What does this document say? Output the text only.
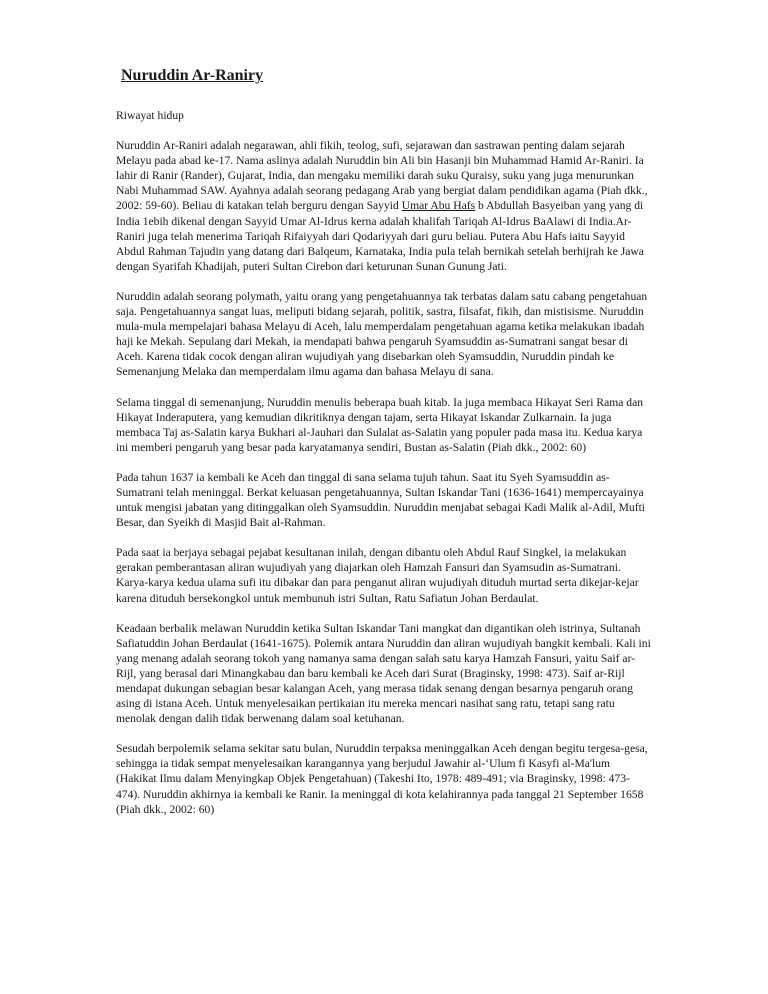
Nuruddin Ar-Raniry
Riwayat hidup
Nuruddin Ar-Raniri adalah negarawan, ahli fikih, teolog, sufi, sejarawan dan sastrawan penting dalam sejarah Melayu pada abad ke-17. Nama aslinya adalah Nuruddin bin Ali bin Hasanji bin Muhammad Hamid Ar-Raniri. Ia lahir di Ranir (Rander), Gujarat, India, dan mengaku memiliki darah suku Quraisy, suku yang juga menurunkan Nabi Muhammad SAW. Ayahnya adalah seorang pedagang Arab yang bergiat dalam pendidikan agama (Piah dkk., 2002: 59-60). Beliau di katakan telah berguru dengan Sayyid Umar Abu Hafs b Abdullah Basyeiban yang yang di India 1ebih dikenal dengan Sayyid Umar Al-Idrus kerna adalah khalifah Tariqah Al-Idrus BaAlawi di India.Ar-Raniri juga telah menerima Tariqah Rifaiyyah dari Qodariyyah dari guru beliau. Putera Abu Hafs iaitu Sayyid Abdul Rahman Tajudin yang datang dari Balqeum, Karnataka, India pula telah bernikah setelah berhijrah ke Jawa dengan Syarifah Khadijah, puteri Sultan Cirebon dari keturunan Sunan Gunung Jati.
Nuruddin adalah seorang polymath, yaitu orang yang pengetahuannya tak terbatas dalam satu cabang pengetahuan saja. Pengetahuannya sangat luas, meliputi bidang sejarah, politik, sastra, filsafat, fikih, dan mistisisme. Nuruddin mula-mula mempelajari bahasa Melayu di Aceh, lalu memperdalam pengetahuan agama ketika melakukan ibadah haji ke Mekah. Sepulang dari Mekah, ia mendapati bahwa pengaruh Syamsuddin as-Sumatrani sangat besar di Aceh. Karena tidak cocok dengan aliran wujudiyah yang disebarkan oleh Syamsuddin, Nuruddin pindah ke Semenanjung Melaka dan memperdalam ilmu agama dan bahasa Melayu di sana.
Selama tinggal di semenanjung, Nuruddin menulis beberapa buah kitab. Ia juga membaca Hikayat Seri Rama dan Hikayat Inderaputera, yang kemudian dikritiknya dengan tajam, serta Hikayat Iskandar Zulkarnain. Ia juga membaca Taj as-Salatin karya Bukhari al-Jauhari dan Sulalat as-Salatin yang populer pada masa itu. Kedua karya ini memberi pengaruh yang besar pada karyatamanya sendiri, Bustan as-Salatin (Piah dkk., 2002: 60)
Pada tahun 1637 ia kembali ke Aceh dan tinggal di sana selama tujuh tahun. Saat itu Syeh Syamsuddin as-Sumatrani telah meninggal. Berkat keluasan pengetahuannya, Sultan Iskandar Tani (1636-1641) mempercayainya untuk mengisi jabatan yang ditinggalkan oleh Syamsuddin. Nuruddin menjabat sebagai Kadi Malik al-Adil, Mufti Besar, dan Syeikh di Masjid Bait al-Rahman.
Pada saat ia berjaya sebagai pejabat kesultanan inilah, dengan dibantu oleh Abdul Rauf Singkel, ia melakukan gerakan pemberantasan aliran wujudiyah yang diajarkan oleh Hamzah Fansuri dan Syamsudin as-Sumatrani. Karya-karya kedua ulama sufi itu dibakar dan para penganut aliran wujudiyah dituduh murtad serta dikejar-kejar karena dituduh bersekongkol untuk membunuh istri Sultan, Ratu Safiatun Johan Berdaulat.
Keadaan berbalik melawan Nuruddin ketika Sultan Iskandar Tani mangkat dan digantikan oleh istrinya, Sultanah Safiatuddin Johan Berdaulat (1641-1675). Polemik antara Nuruddin dan aliran wujudiyah bangkit kembali. Kali ini yang menang adalah seorang tokoh yang namanya sama dengan salah satu karya Hamzah Fansuri, yaitu Saif ar-Rijl, yang berasal dari Minangkabau dan baru kembali ke Aceh dari Surat (Braginsky, 1998: 473). Saif ar-Rijl mendapat dukungan sebagian besar kalangan Aceh, yang merasa tidak senang dengan besarnya pengaruh orang asing di istana Aceh. Untuk menyelesaikan pertikaian itu mereka mencari nasihat sang ratu, tetapi sang ratu menolak dengan dalih tidak berwenang dalam soal ketuhanan.
Sesudah berpolemik selama sekitar satu bulan, Nuruddin terpaksa meninggalkan Aceh dengan begitu tergesa-gesa, sehingga ia tidak sempat menyelesaikan karangannya yang berjudul Jawahir al-‘Ulum fi Kasyfi al-Ma'lum (Hakikat Ilmu dalam Menyingkap Objek Pengetahuan) (Takeshi Ito, 1978: 489-491; via Braginsky, 1998: 473-474). Nuruddin akhirnya ia kembali ke Ranir. Ia meninggal di kota kelahirannya pada tanggal 21 September 1658 (Piah dkk., 2002: 60)
